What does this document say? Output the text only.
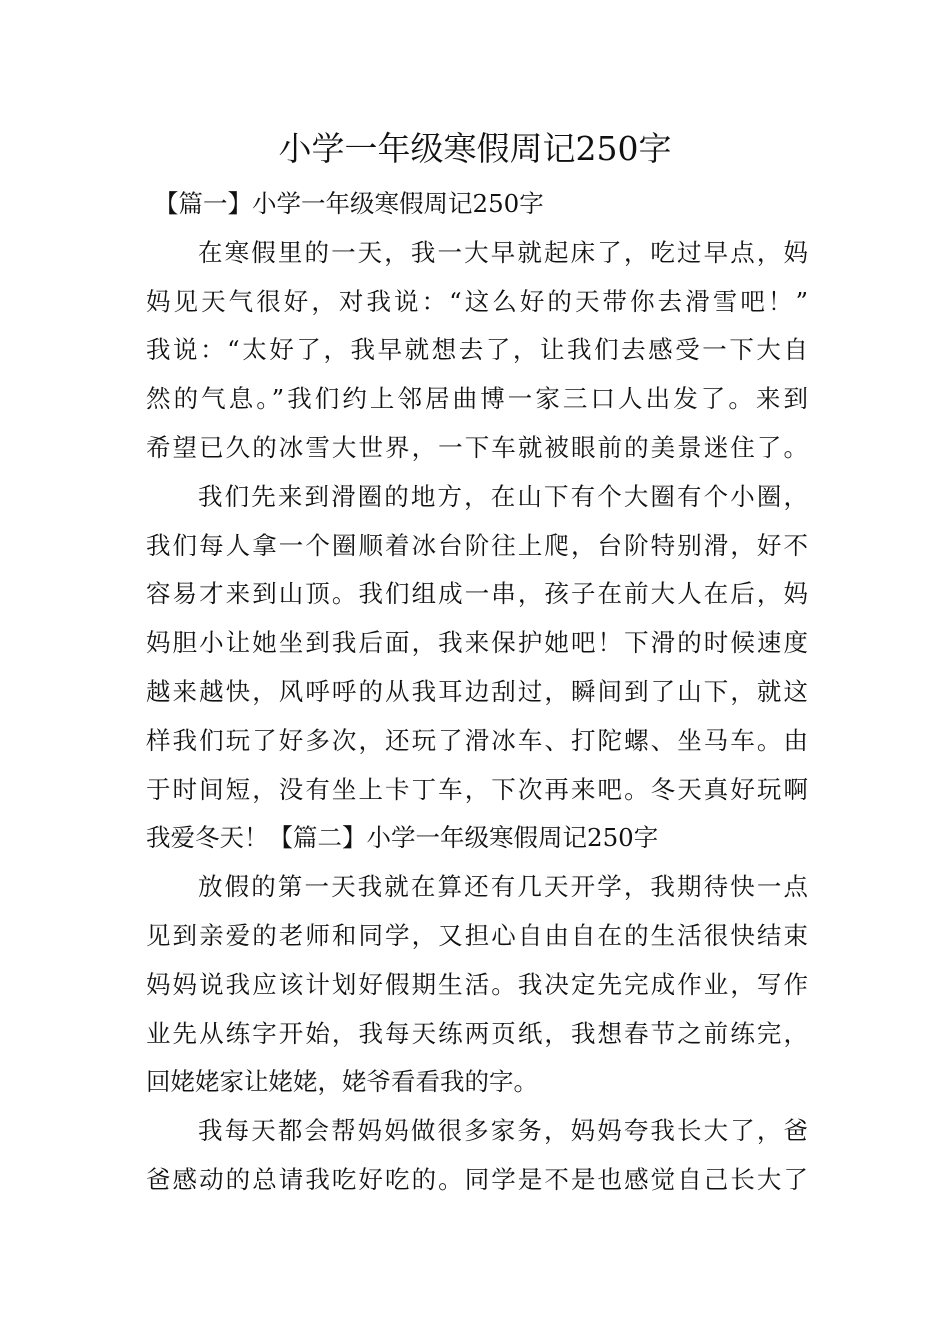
小学一年级寒假周记250字

【篇一】小学一年级寒假周记250字

在寒假里的一天，我一大早就起床了，吃过早点，妈

妈见天气很好，对我说：“这么好的天带你去滑雪吧！”

我说：“太好了，我早就想去了，让我们去感受一下大自

然的气息。”我们约上邻居曲博一家三口人出发了。来到

希望已久的冰雪大世界，一下车就被眼前的美景迷住了。

我们先来到滑圈的地方，在山下有个大圈有个小圈，

我们每人拿一个圈顺着冰台阶往上爬，台阶特别滑，好不

容易才来到山顶。我们组成一串，孩子在前大人在后，妈

妈胆小让她坐到我后面，我来保护她吧！下滑的时候速度

越来越快，风呼呼的从我耳边刮过，瞬间到了山下，就这

样我们玩了好多次，还玩了滑冰车、打陀螺、坐马车。由

于时间短，没有坐上卡丁车，下次再来吧。冬天真好玩啊

我爱冬天！【篇二】小学一年级寒假周记250字

放假的第一天我就在算还有几天开学，我期待快一点

见到亲爱的老师和同学，又担心自由自在的生活很快结束

妈妈说我应该计划好假期生活。我决定先完成作业，写作

业先从练字开始，我每天练两页纸，我想春节之前练完，

回姥姥家让姥姥，姥爷看看我的字。

我每天都会帮妈妈做很多家务，妈妈夸我长大了，爸

爸感动的总请我吃好吃的。同学是不是也感觉自己长大了
